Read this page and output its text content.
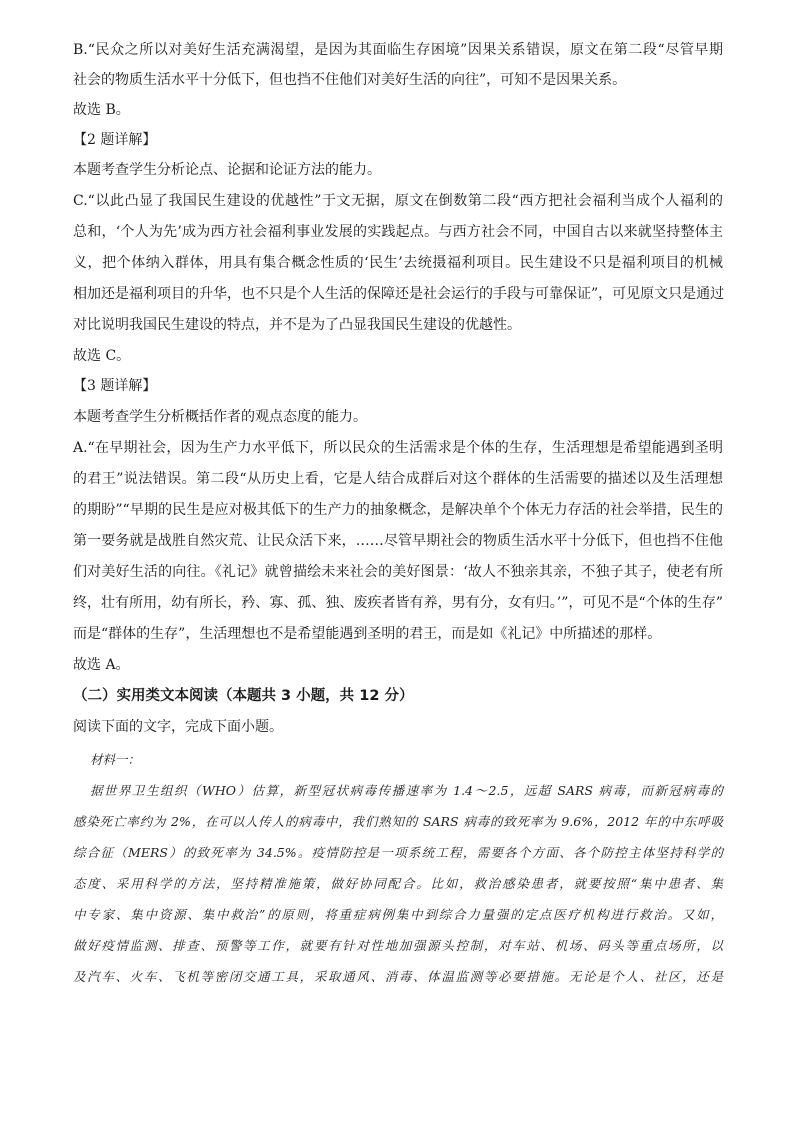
B.“民众之所以对美好生活充满渴望，是因为其面临生存困境”因果关系错误，原文在第二段“尽管早期
社会的物质生活水平十分低下，但也挡不住他们对美好生活的向往”，可知不是因果关系。
故选 B。
【2 题详解】
本题考查学生分析论点、论据和论证方法的能力。
C.“以此凸显了我国民生建设的优越性”于文无据，原文在倒数第二段“西方把社会福利当成个人福利的
总和，‘个人为先’成为西方社会福利事业发展的实践起点。与西方社会不同，中国自古以来就坚持整体主
义，把个体纳入群体，用具有集合概念性质的‘民生’去统摄福利项目。民生建设不只是福利项目的机械
相加还是福利项目的升华，也不只是个人生活的保障还是社会运行的手段与可靠保证”，可见原文只是通过
对比说明我国民生建设的特点，并不是为了凸显我国民生建设的优越性。
故选 C。
【3 题详解】
本题考查学生分析概括作者的观点态度的能力。
A.“在早期社会，因为生产力水平低下，所以民众的生活需求是个体的生存，生活理想是希望能遇到圣明
的君王”说法错误。第二段“从历史上看，它是人结合成群后对这个群体的生活需要的描述以及生活理想
的期盼”“早期的民生是应对极其低下的生产力的抽象概念，是解决单个个体无力存活的社会举措，民生的
第一要务就是战胜自然灾荒、让民众活下来，……尽管早期社会的物质生活水平十分低下，但也挡不住他
们对美好生活的向往。《礼记》就曾描绘未来社会的美好图景：‘故人不独亲其亲，不独子其子，使老有所
终，壮有所用，幼有所长，矜、寡、孤、独、废疾者皆有养，男有分，女有归。’”，可见不是“个体的生存”
而是“群体的生存”，生活理想也不是希望能遇到圣明的君王，而是如《礼记》中所描述的那样。
故选 A。
（二）实用类文本阅读（本题共 3 小题，共 12 分）
阅读下面的文字，完成下面小题。
材料一：
据世界卫生组织（WHO）估算，新型冠状病毒传播速率为 1.4～2.5，远超 SARS 病毒，而新冠病毒的
感染死亡率约为 2%，在可以人传人的病毒中，我们熟知的 SARS 病毒的致死率为 9.6%，2012 年的中东呼吸
综合征（MERS）的致死率为 34.5%。疫情防控是一项系统工程，需要各个方面、各个防控主体坚持科学的
态度、采用科学的方法，坚持精准施策，做好协同配合。比如，救治感染患者，就要按照“集中患者、集
中专家、集中资源、集中救治”的原则，将重症病例集中到综合力量强的定点医疗机构进行救治。又如，
做好疫情监测、排查、预警等工作，就要有针对性地加强源头控制，对车站、机场、码头等重点场所，以
及汽车、火车、飞机等密闭交通工具，采取通风、消毒、体温监测等必要措施。无论是个人、社区，还是
